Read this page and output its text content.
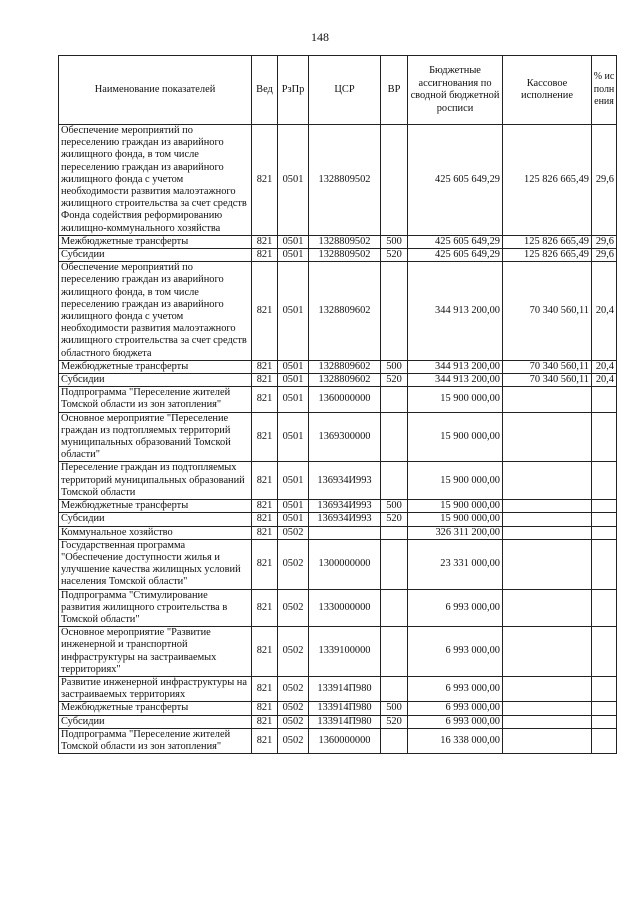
148
Наименование показателей	Вед	РзПр	ЦСР	ВР	Бюджетные ассигнования по сводной бюджетной росписи	Кассовое исполнение	% исполнения
Обеспечение мероприятий по переселению граждан из аварийного жилищного фонда, в том числе переселению граждан из аварийного жилищного фонда с учетом необходимости развития малоэтажного жилищного строительства за счет средств Фонда содействия реформированию жилищно-коммунального хозяйства	821	0501	1328809502		425 605 649,29	125 826 665,49	29,6
Межбюджетные трансферты	821	0501	1328809502	500	425 605 649,29	125 826 665,49	29,6
Субсидии	821	0501	1328809502	520	425 605 649,29	125 826 665,49	29,6
Обеспечение мероприятий по переселению граждан из аварийного жилищного фонда, в том числе переселению граждан из аварийного жилищного фонда с учетом необходимости развития малоэтажного жилищного строительства за счет средств областного бюджета	821	0501	1328809602		344 913 200,00	70 340 560,11	20,4
Межбюджетные трансферты	821	0501	1328809602	500	344 913 200,00	70 340 560,11	20,4
Субсидии	821	0501	1328809602	520	344 913 200,00	70 340 560,11	20,4
Подпрограмма "Переселение жителей Томской области из зон затопления"	821	0501	1360000000		15 900 000,00		
Основное мероприятие "Переселение граждан из подтопляемых территорий муниципальных образований Томской области"	821	0501	1369300000		15 900 000,00		
Переселение граждан из подтопляемых территорий муниципальных образований Томской области	821	0501	136934И993		15 900 000,00		
Межбюджетные трансферты	821	0501	136934И993	500	15 900 000,00		
Субсидии	821	0501	136934И993	520	15 900 000,00		
Коммунальное хозяйство	821	0502			326 311 200,00		
Государственная программа "Обеспечение доступности жилья и улучшение качества жилищных условий населения Томской области"	821	0502	1300000000		23 331 000,00		
Подпрограмма "Стимулирование развития жилищного строительства в Томской области"	821	0502	1330000000		6 993 000,00		
Основное мероприятие "Развитие инженерной и транспортной инфраструктуры на застраиваемых территориях"	821	0502	1339100000		6 993 000,00		
Развитие инженерной инфраструктуры на застраиваемых территориях	821	0502	133914П980		6 993 000,00		
Межбюджетные трансферты	821	0502	133914П980	500	6 993 000,00		
Субсидии	821	0502	133914П980	520	6 993 000,00		
Подпрограмма "Переселение жителей Томской области из зон затопления"	821	0502	1360000000		16 338 000,00		
